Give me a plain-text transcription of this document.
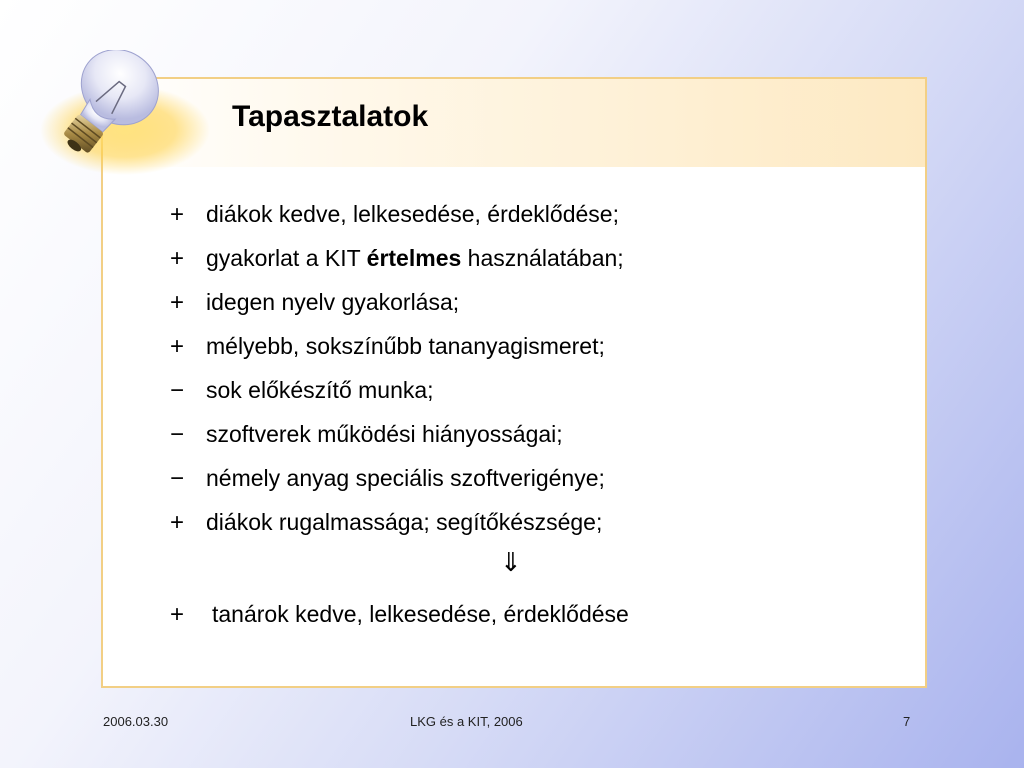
Tapasztalatok
+ diákok kedve, lelkesedése, érdeklődése;
+ gyakorlat a KIT értelmes használatában;
+ idegen nyelv gyakorlása;
+ mélyebb, sokszínűbb tananyagismeret;
− sok előkészítő munka;
− szoftverek működési hiányosságai;
− némely anyag speciális szoftverigénye;
+ diákok rugalmassága; segítőkészsége;
⇓
+ tanárok kedve, lelkesedése, érdeklődése
2006.03.30	LKG és a KIT, 2006	7
